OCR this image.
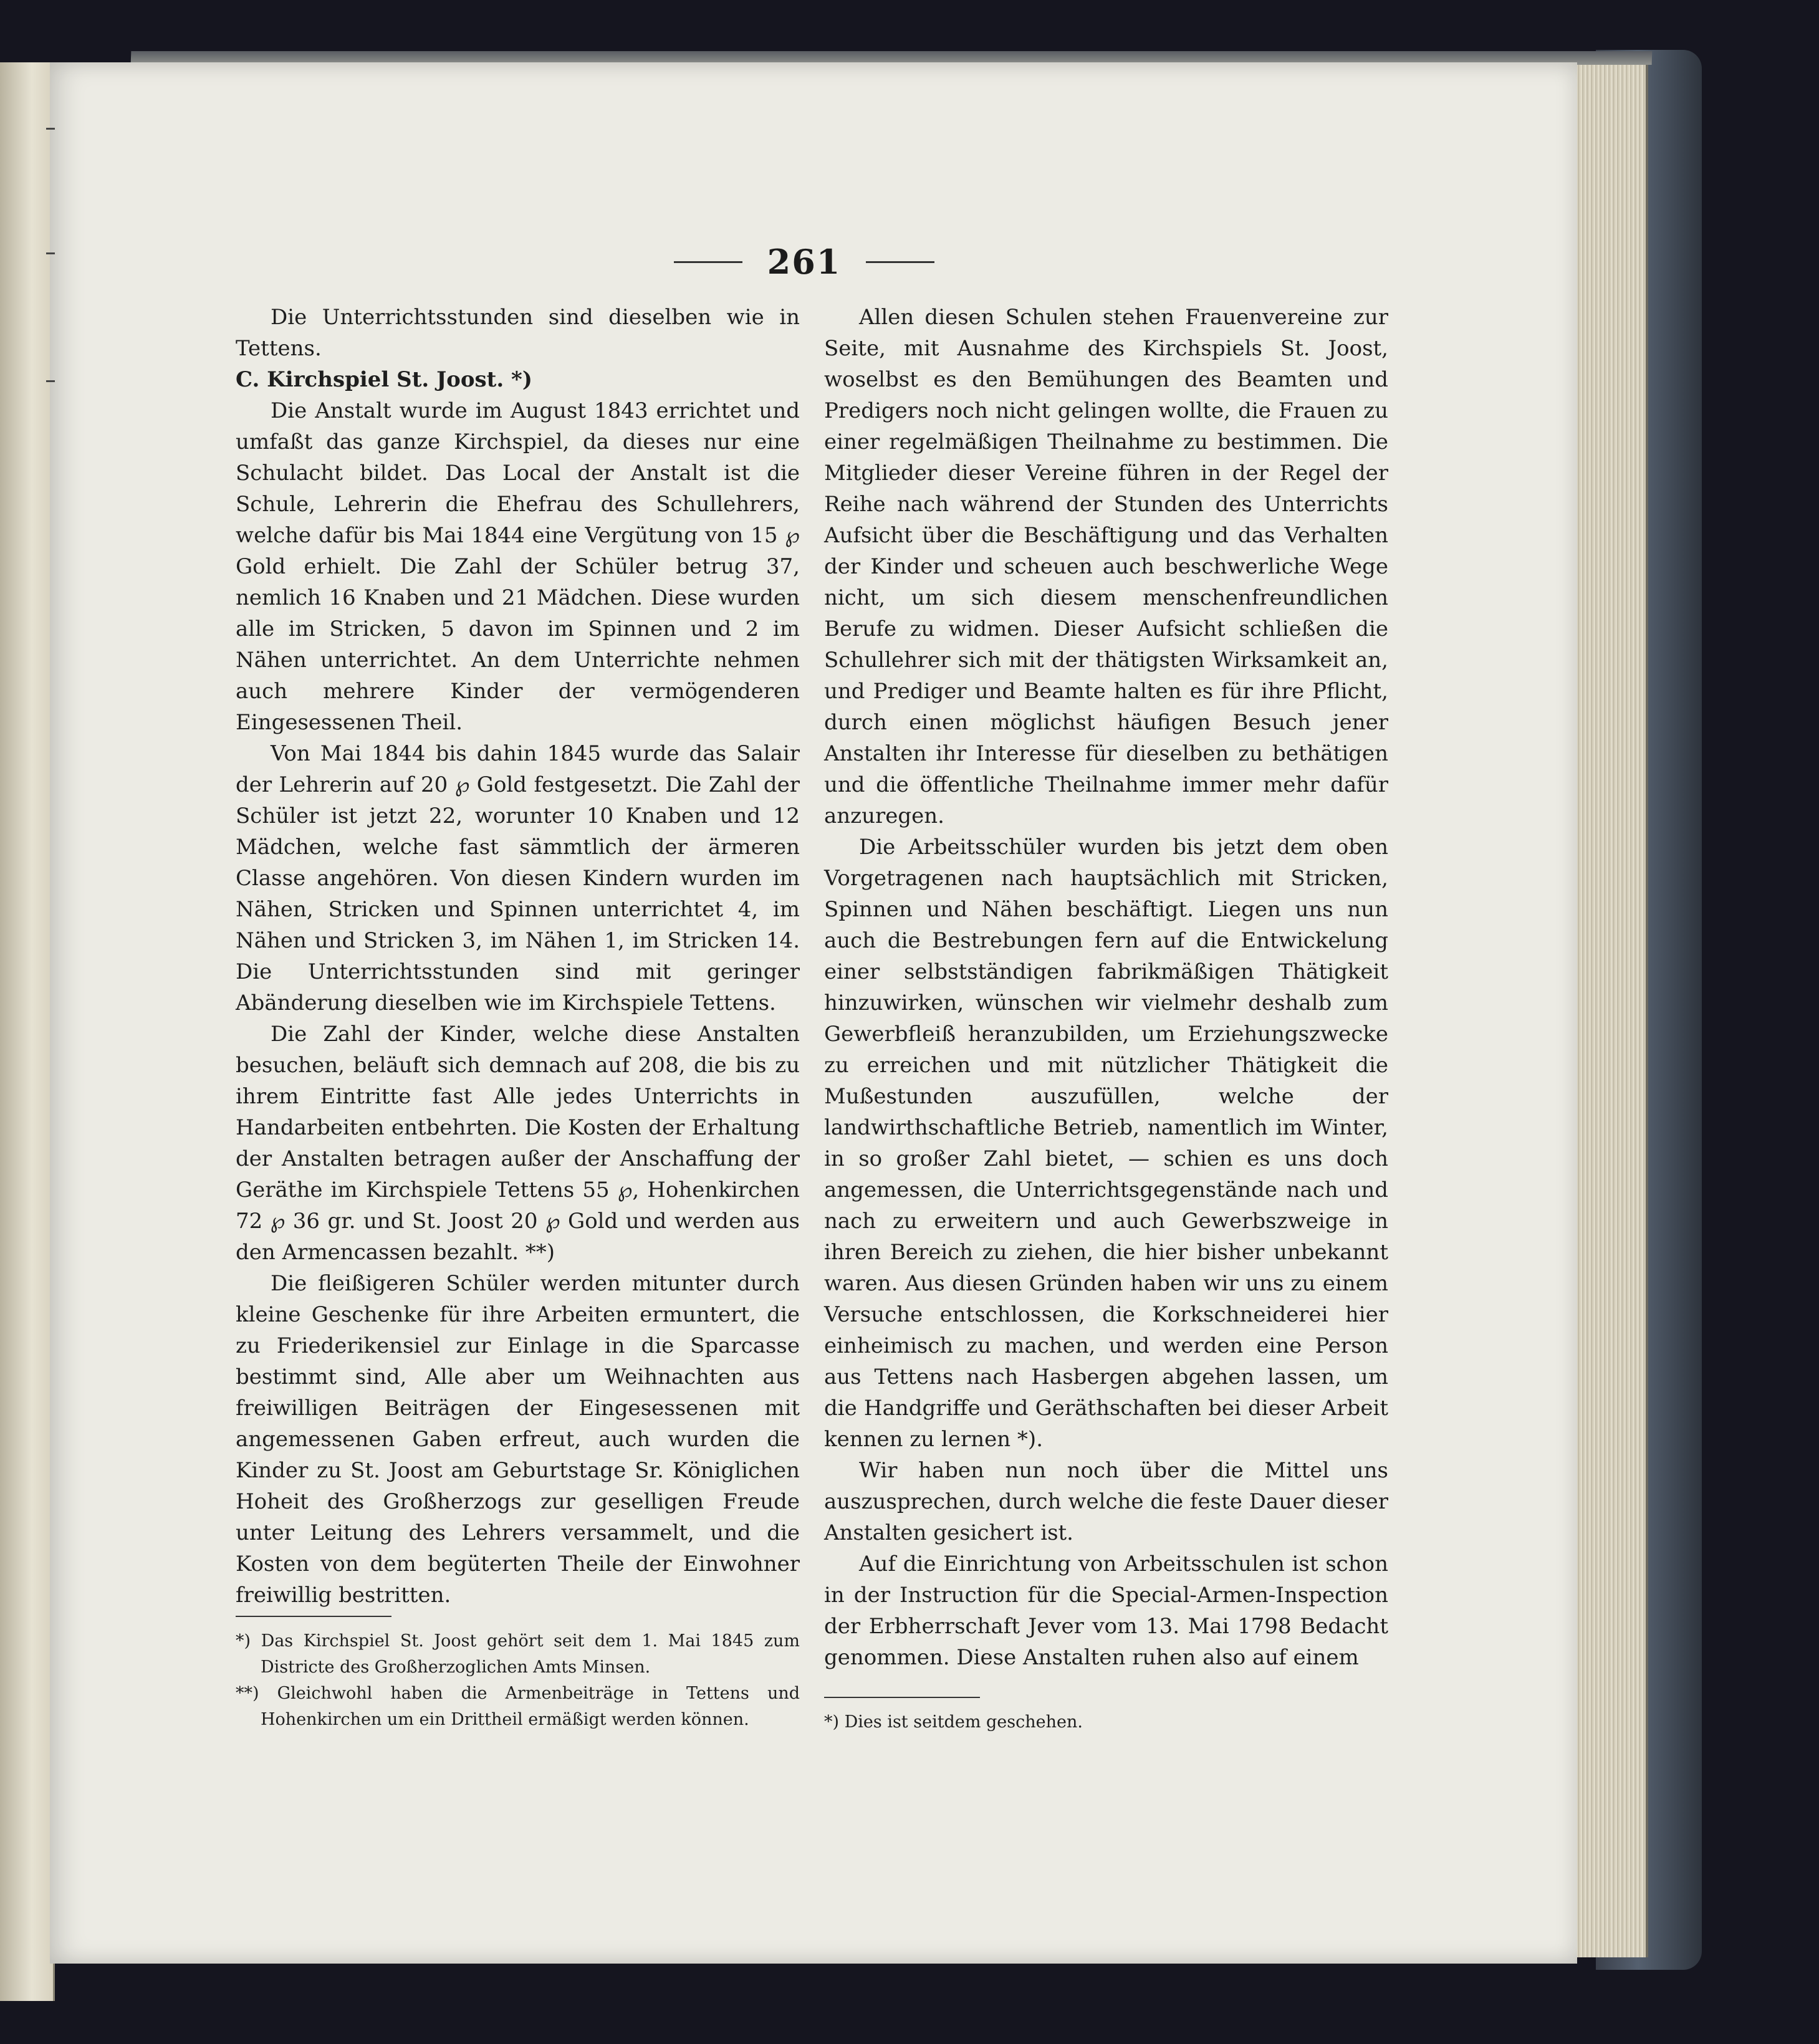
261

Die Unterrichtsstunden sind dieselben wie in Tettens.

C. Kirchspiel St. Joost. *)

Die Anstalt wurde im August 1843 errichtet und umfaßt das ganze Kirchspiel, da dieses nur eine Schulacht bildet. Das Local der Anstalt ist die Schule, Lehrerin die Ehefrau des Schullehrers, welche dafür bis Mai 1844 eine Vergütung von 15 ℘ Gold erhielt. Die Zahl der Schüler betrug 37, nemlich 16 Knaben und 21 Mädchen. Diese wurden alle im Stricken, 5 davon im Spinnen und 2 im Nähen unterrichtet. An dem Unterrichte nehmen auch mehrere Kinder der vermögenderen Eingesessenen Theil.

Von Mai 1844 bis dahin 1845 wurde das Salair der Lehrerin auf 20 ℘ Gold festgesetzt. Die Zahl der Schüler ist jetzt 22, worunter 10 Knaben und 12 Mädchen, welche fast sämmtlich der ärmeren Classe angehören. Von diesen Kindern wurden im Nähen, Stricken und Spinnen unterrichtet 4, im Nähen und Stricken 3, im Nähen 1, im Stricken 14. Die Unterrichtsstunden sind mit geringer Abänderung dieselben wie im Kirchspiele Tettens.

Die Zahl der Kinder, welche diese Anstalten besuchen, beläuft sich demnach auf 208, die bis zu ihrem Eintritte fast Alle jedes Unterrichts in Handarbeiten entbehrten. Die Kosten der Erhaltung der Anstalten betragen außer der Anschaffung der Geräthe im Kirchspiele Tettens 55 ℘, Hohenkirchen 72 ℘ 36 gr. und St. Joost 20 ℘ Gold und werden aus den Armencassen bezahlt. **)

Die fleißigeren Schüler werden mitunter durch kleine Geschenke für ihre Arbeiten ermuntert, die zu Friederikensiel zur Einlage in die Sparcasse bestimmt sind, Alle aber um Weihnachten aus freiwilligen Beiträgen der Eingesessenen mit angemessenen Gaben erfreut, auch wurden die Kinder zu St. Joost am Geburtstage Sr. Königlichen Hoheit des Großherzogs zur geselligen Freude unter Leitung des Lehrers versammelt, und die Kosten von dem begüterten Theile der Einwohner freiwillig bestritten.

*) Das Kirchspiel St. Joost gehört seit dem 1. Mai 1845 zum Districte des Großherzoglichen Amts Minsen.

**) Gleichwohl haben die Armenbeiträge in Tettens und Hohenkirchen um ein Drittheil ermäßigt werden können.

Allen diesen Schulen stehen Frauenvereine zur Seite, mit Ausnahme des Kirchspiels St. Joost, woselbst es den Bemühungen des Beamten und Predigers noch nicht gelingen wollte, die Frauen zu einer regelmäßigen Theilnahme zu bestimmen. Die Mitglieder dieser Vereine führen in der Regel der Reihe nach während der Stunden des Unterrichts Aufsicht über die Beschäftigung und das Verhalten der Kinder und scheuen auch beschwerliche Wege nicht, um sich diesem menschenfreundlichen Berufe zu widmen. Dieser Aufsicht schließen die Schullehrer sich mit der thätigsten Wirksamkeit an, und Prediger und Beamte halten es für ihre Pflicht, durch einen möglichst häufigen Besuch jener Anstalten ihr Interesse für dieselben zu bethätigen und die öffentliche Theilnahme immer mehr dafür anzuregen.

Die Arbeitsschüler wurden bis jetzt dem oben Vorgetragenen nach hauptsächlich mit Stricken, Spinnen und Nähen beschäftigt. Liegen uns nun auch die Bestrebungen fern auf die Entwickelung einer selbstständigen fabrikmäßigen Thätigkeit hinzuwirken, wünschen wir vielmehr deshalb zum Gewerbfleiß heranzubilden, um Erziehungszwecke zu erreichen und mit nützlicher Thätigkeit die Mußestunden auszufüllen, welche der landwirthschaftliche Betrieb, namentlich im Winter, in so großer Zahl bietet, — schien es uns doch angemessen, die Unterrichtsgegenstände nach und nach zu erweitern und auch Gewerbszweige in ihren Bereich zu ziehen, die hier bisher unbekannt waren. Aus diesen Gründen haben wir uns zu einem Versuche entschlossen, die Korkschneiderei hier einheimisch zu machen, und werden eine Person aus Tettens nach Hasbergen abgehen lassen, um die Handgriffe und Geräthschaften bei dieser Arbeit kennen zu lernen *).

Wir haben nun noch über die Mittel uns auszusprechen, durch welche die feste Dauer dieser Anstalten gesichert ist.

Auf die Einrichtung von Arbeitsschulen ist schon in der Instruction für die Special-Armen-Inspection der Erbherrschaft Jever vom 13. Mai 1798 Bedacht genommen. Diese Anstalten ruhen also auf einem

*) Dies ist seitdem geschehen.
